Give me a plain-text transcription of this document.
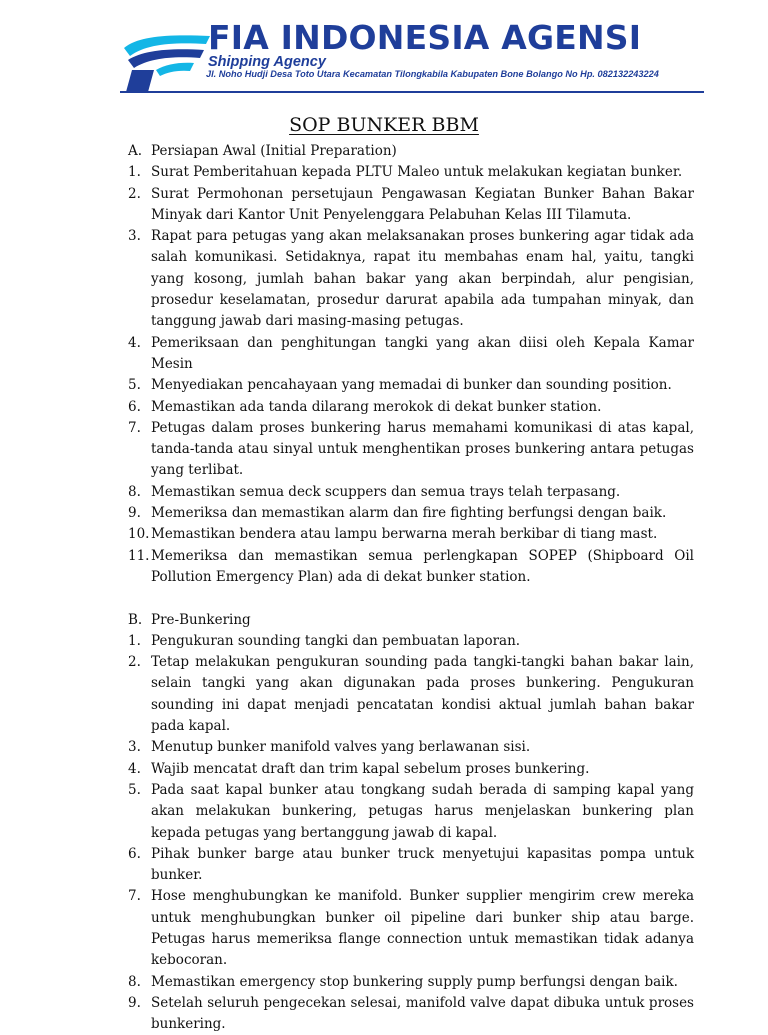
FIA INDONESIA AGENSI
Shipping Agency
Jl. Noho Hudji Desa Toto Utara Kecamatan Tilongkabila Kabupaten Bone Bolango No Hp. 082132243224
SOP BUNKER BBM
A. Persiapan Awal (Initial Preparation)
1. Surat Pemberitahuan kepada PLTU Maleo untuk melakukan kegiatan bunker.
2. Surat Permohonan persetujaun Pengawasan Kegiatan Bunker Bahan Bakar Minyak dari Kantor Unit Penyelenggara Pelabuhan Kelas III Tilamuta.
3. Rapat para petugas yang akan melaksanakan proses bunkering agar tidak ada salah komunikasi. Setidaknya, rapat itu membahas enam hal, yaitu, tangki yang kosong, jumlah bahan bakar yang akan berpindah, alur pengisian, prosedur keselamatan, prosedur darurat apabila ada tumpahan minyak, dan tanggung jawab dari masing-masing petugas.
4. Pemeriksaan dan penghitungan tangki yang akan diisi oleh Kepala Kamar Mesin
5. Menyediakan pencahayaan yang memadai di bunker dan sounding position.
6. Memastikan ada tanda dilarang merokok di dekat bunker station.
7. Petugas dalam proses bunkering harus memahami komunikasi di atas kapal, tanda-tanda atau sinyal untuk menghentikan proses bunkering antara petugas yang terlibat.
8. Memastikan semua deck scuppers dan semua trays telah terpasang.
9. Memeriksa dan memastikan alarm dan fire fighting berfungsi dengan baik.
10. Memastikan bendera atau lampu berwarna merah berkibar di tiang mast.
11. Memeriksa dan memastikan semua perlengkapan SOPEP (Shipboard Oil Pollution Emergency Plan) ada di dekat bunker station.
B. Pre-Bunkering
1. Pengukuran sounding tangki dan pembuatan laporan.
2. Tetap melakukan pengukuran sounding pada tangki-tangki bahan bakar lain, selain tangki yang akan digunakan pada proses bunkering. Pengukuran sounding ini dapat menjadi pencatatan kondisi aktual jumlah bahan bakar pada kapal.
3. Menutup bunker manifold valves yang berlawanan sisi.
4. Wajib mencatat draft dan trim kapal sebelum proses bunkering.
5. Pada saat kapal bunker atau tongkang sudah berada di samping kapal yang akan melakukan bunkering, petugas harus menjelaskan bunkering plan kepada petugas yang bertanggung jawab di kapal.
6. Pihak bunker barge atau bunker truck menyetujui kapasitas pompa untuk bunker.
7. Hose menghubungkan ke manifold. Bunker supplier mengirim crew mereka untuk menghubungkan bunker oil pipeline dari bunker ship atau barge. Petugas harus memeriksa flange connection untuk memastikan tidak adanya kebocoran.
8. Memastikan emergency stop bunkering supply pump berfungsi dengan baik.
9. Setelah seluruh pengecekan selesai, manifold valve dapat dibuka untuk proses bunkering.
